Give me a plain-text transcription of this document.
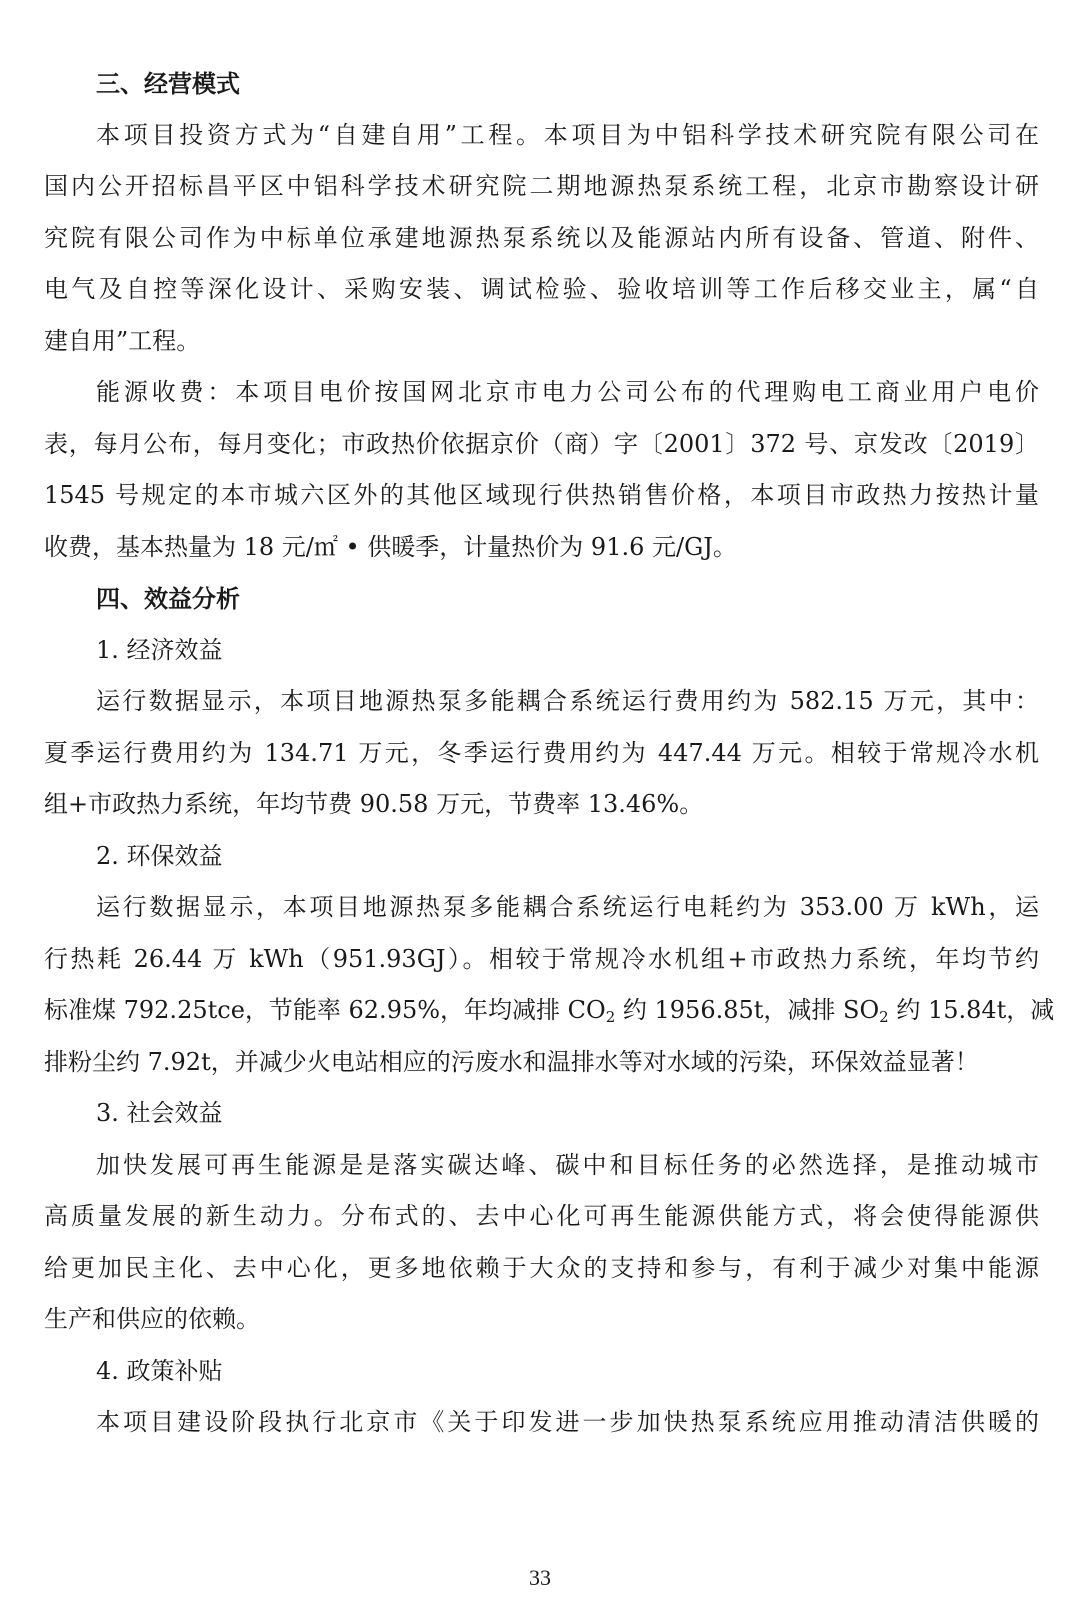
三、经营模式
本项目投资方式为“自建自用”工程。本项目为中铝科学技术研究院有限公司在
国内公开招标昌平区中铝科学技术研究院二期地源热泵系统工程，北京市勘察设计研
究院有限公司作为中标单位承建地源热泵系统以及能源站内所有设备、管道、附件、
电气及自控等深化设计、采购安装、调试检验、验收培训等工作后移交业主，属“自
建自用”工程。
能源收费：本项目电价按国网北京市电力公司公布的代理购电工商业用户电价
表，每月公布，每月变化；市政热价依据京价（商）字〔2001〕372 号、京发改〔2019〕
1545 号规定的本市城六区外的其他区域现行供热销售价格，本项目市政热力按热计量
收费，基本热量为 18 元/㎡ • 供暖季，计量热价为 91.6 元/GJ。
四、效益分析
1. 经济效益
运行数据显示，本项目地源热泵多能耦合系统运行费用约为 582.15 万元，其中：
夏季运行费用约为 134.71 万元，冬季运行费用约为 447.44 万元。相较于常规冷水机
组+市政热力系统，年均节费 90.58 万元，节费率 13.46%。
2. 环保效益
运行数据显示，本项目地源热泵多能耦合系统运行电耗约为 353.00 万 kWh，运
行热耗 26.44 万 kWh（951.93GJ）。相较于常规冷水机组+市政热力系统，年均节约
标准煤 792.25tce，节能率 62.95%，年均减排 $CO_2$ 约 1956.85t，减排 $SO_2$ 约 15.84t，减
排粉尘约 7.92t，并减少火电站相应的污废水和温排水等对水域的污染，环保效益显著！
3. 社会效益
加快发展可再生能源是是落实碳达峰、碳中和目标任务的必然选择，是推动城市
高质量发展的新生动力。分布式的、去中心化可再生能源供能方式，将会使得能源供
给更加民主化、去中心化，更多地依赖于大众的支持和参与，有利于减少对集中能源
生产和供应的依赖。
4. 政策补贴
本项目建设阶段执行北京市《关于印发进一步加快热泵系统应用推动清洁供暖的
33
